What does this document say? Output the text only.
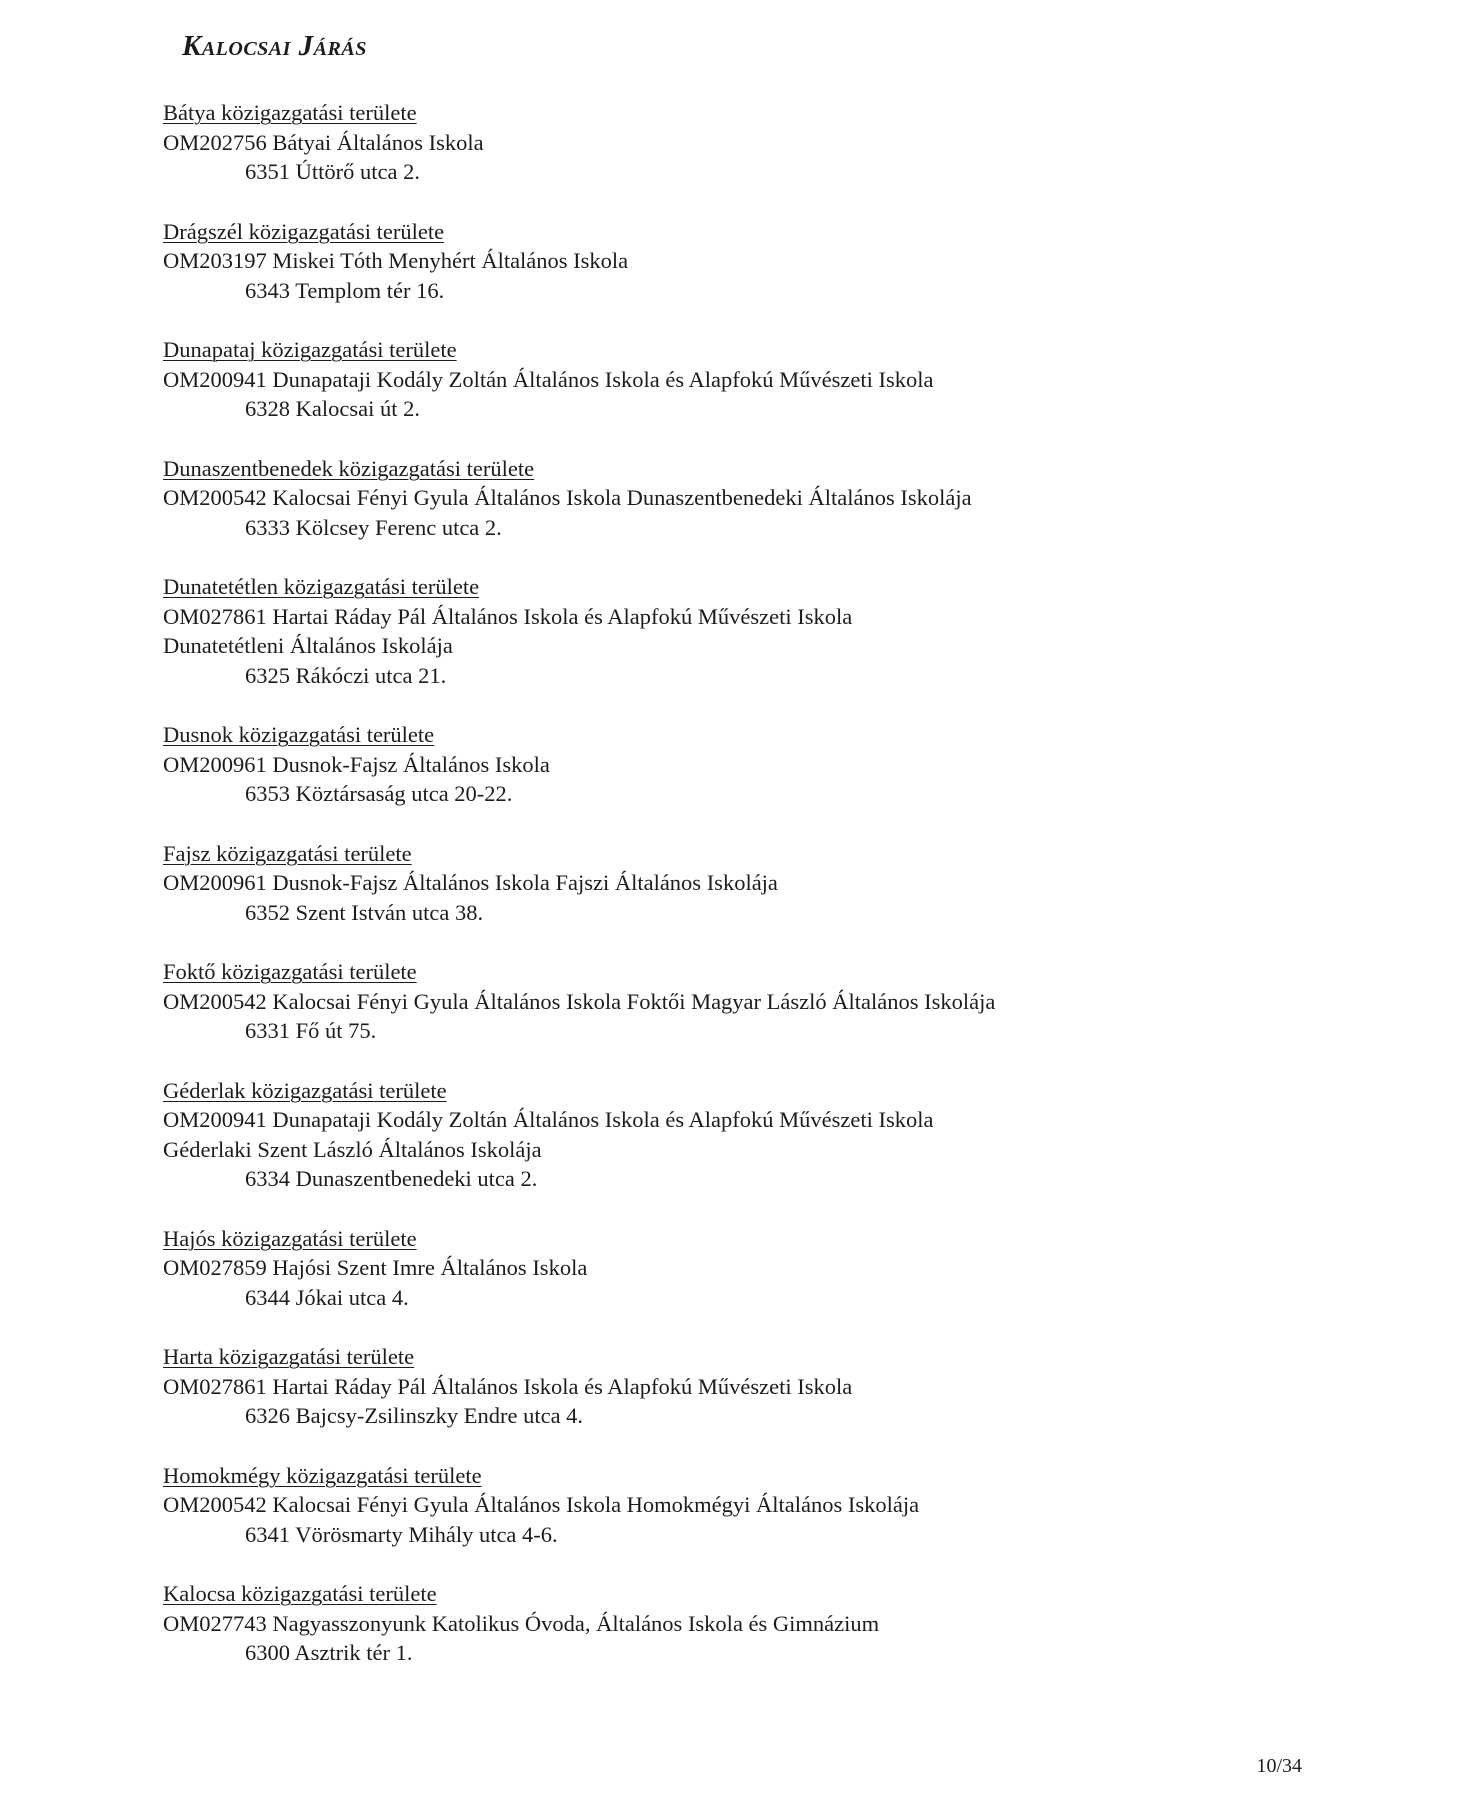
Kalocsai Járás
Bátya közigazgatási területe
OM202756 Bátyai Általános Iskola
6351 Úttörő utca 2.
Drágszél közigazgatási területe
OM203197 Miskei Tóth Menyhért Általános Iskola
6343 Templom tér 16.
Dunapataj közigazgatási területe
OM200941 Dunapataji Kodály Zoltán Általános Iskola és Alapfokú Művészeti Iskola
6328 Kalocsai út 2.
Dunaszentbenedek közigazgatási területe
OM200542 Kalocsai Fényi Gyula Általános Iskola Dunaszentbenedeki Általános Iskolája
6333 Kölcsey Ferenc utca 2.
Dunatetétlen közigazgatási területe
OM027861 Hartai Ráday Pál Általános Iskola és Alapfokú Művészeti Iskola
Dunatetétleni Általános Iskolája
6325 Rákóczi utca 21.
Dusnok közigazgatási területe
OM200961 Dusnok-Fajsz Általános Iskola
6353 Köztársaság utca 20-22.
Fajsz közigazgatási területe
OM200961 Dusnok-Fajsz Általános Iskola Fajszi Általános Iskolája
6352 Szent István utca 38.
Foktő közigazgatási területe
OM200542 Kalocsai Fényi Gyula Általános Iskola Foktői Magyar László Általános Iskolája
6331 Fő út 75.
Géderlak közigazgatási területe
OM200941 Dunapataji Kodály Zoltán Általános Iskola és Alapfokú Művészeti Iskola
Géderlaki Szent László Általános Iskolája
6334 Dunaszentbenedeki utca 2.
Hajós közigazgatási területe
OM027859 Hajósi Szent Imre Általános Iskola
6344 Jókai utca 4.
Harta közigazgatási területe
OM027861 Hartai Ráday Pál Általános Iskola és Alapfokú Művészeti Iskola
6326 Bajcsy-Zsilinszky Endre utca 4.
Homokmégy közigazgatási területe
OM200542 Kalocsai Fényi Gyula Általános Iskola Homokmégyi Általános Iskolája
6341 Vörösmarty Mihály utca 4-6.
Kalocsa közigazgatási területe
OM027743 Nagyasszonyunk Katolikus Óvoda, Általános Iskola és Gimnázium
6300 Asztrik tér 1.
10/34
